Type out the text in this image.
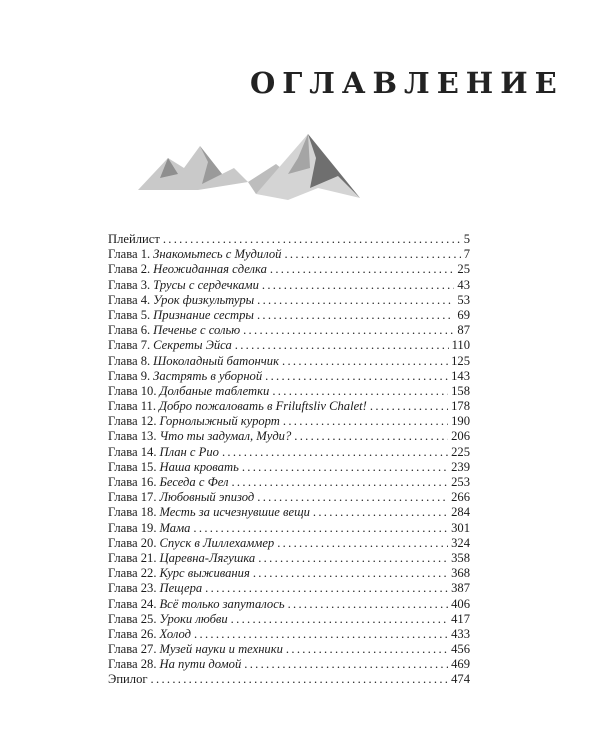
ОГЛАВЛЕНИЕ
Плейлист .....	5
Глава 1. Знакомьтесь с Мудилой .....	7
Глава 2. Неожиданная сделка .....	25
Глава 3. Трусы с сердечками .....	43
Глава 4. Урок физкультуры .....	53
Глава 5. Признание сестры .....	69
Глава 6. Печенье с солью .....	87
Глава 7. Секреты Эйса .....	110
Глава 8. Шоколадный батончик .....	125
Глава 9. Застрять в уборной .....	143
Глава 10. Долбаные таблетки .....	158
Глава 11. Добро пожаловать в Friluftsliv Chalet! .....	178
Глава 12. Горнолыжный курорт .....	190
Глава 13. Что ты задумал, Муди? .....	206
Глава 14. План с Рио .....	225
Глава 15. Наша кровать .....	239
Глава 16. Беседа с Фел .....	253
Глава 17. Любовный эпизод .....	266
Глава 18. Месть за исчезнувшие вещи .....	284
Глава 19. Мама .....	301
Глава 20. Спуск в Лиллехаммер .....	324
Глава 21. Царевна-Лягушка .....	358
Глава 22. Курс выживания .....	368
Глава 23. Пещера .....	387
Глава 24. Всё только запуталось .....	406
Глава 25. Уроки любви .....	417
Глава 26. Холод .....	433
Глава 27. Музей науки и техники .....	456
Глава 28. На пути домой .....	469
Эпилог .....	474
